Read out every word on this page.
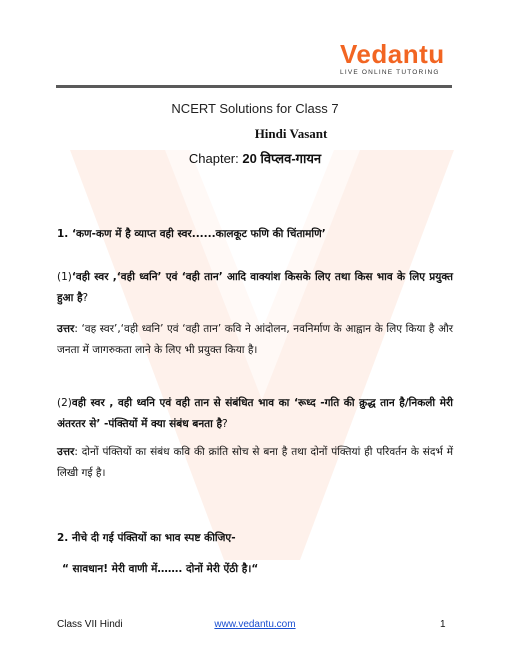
Vedantu
LIVE ONLINE TUTORING
NCERT Solutions for Class 7
Hindi Vasant
Chapter: 20 वि‍प्लव-गायन
1. ‘कण-कण में है व्याप्त वही स्वर......कालकूट फणि की चिंतामणि’
(1)‘वही स्वर ,‘वही ध्वनि’ एवं ‘वही तान’ आदि वाक्यांश किसके लिए तथा किस भाव के लिए प्रयुक्त हुआ है?
उत्तर: ‘वह स्वर’,‘वही ध्वनि’ एवं ‘वही तान’ कवि ने आंदोलन, नवनिर्माण के आह्वान के लिए किया है और जनता में जागरुकता लाने के लिए भी प्रयुक्त किया है।
(2)वही स्वर , वही ध्वनि एवं वही तान से संबंधित भाव का ‘रूध्द -गति की क्रुद्ध तान है/निकली मेरी अंतरतर से’ -पंक्तियों में क्या संबंध बनता है?
उत्तर: दोनों पंक्तियों का संबंध कवि की क्रांति सोच से बना है तथा दोनों पंक्तियां ही परिवर्तन के संदर्भ में लिखी गई है।
2. नीचे दी गई पंक्तियों का भाव स्पष्ट कीजिए-
“ सावधान! मेरी वाणी में……. दोनों मेरी ऐंठी है।“
Class VII Hindi	www.vedantu.com	1
